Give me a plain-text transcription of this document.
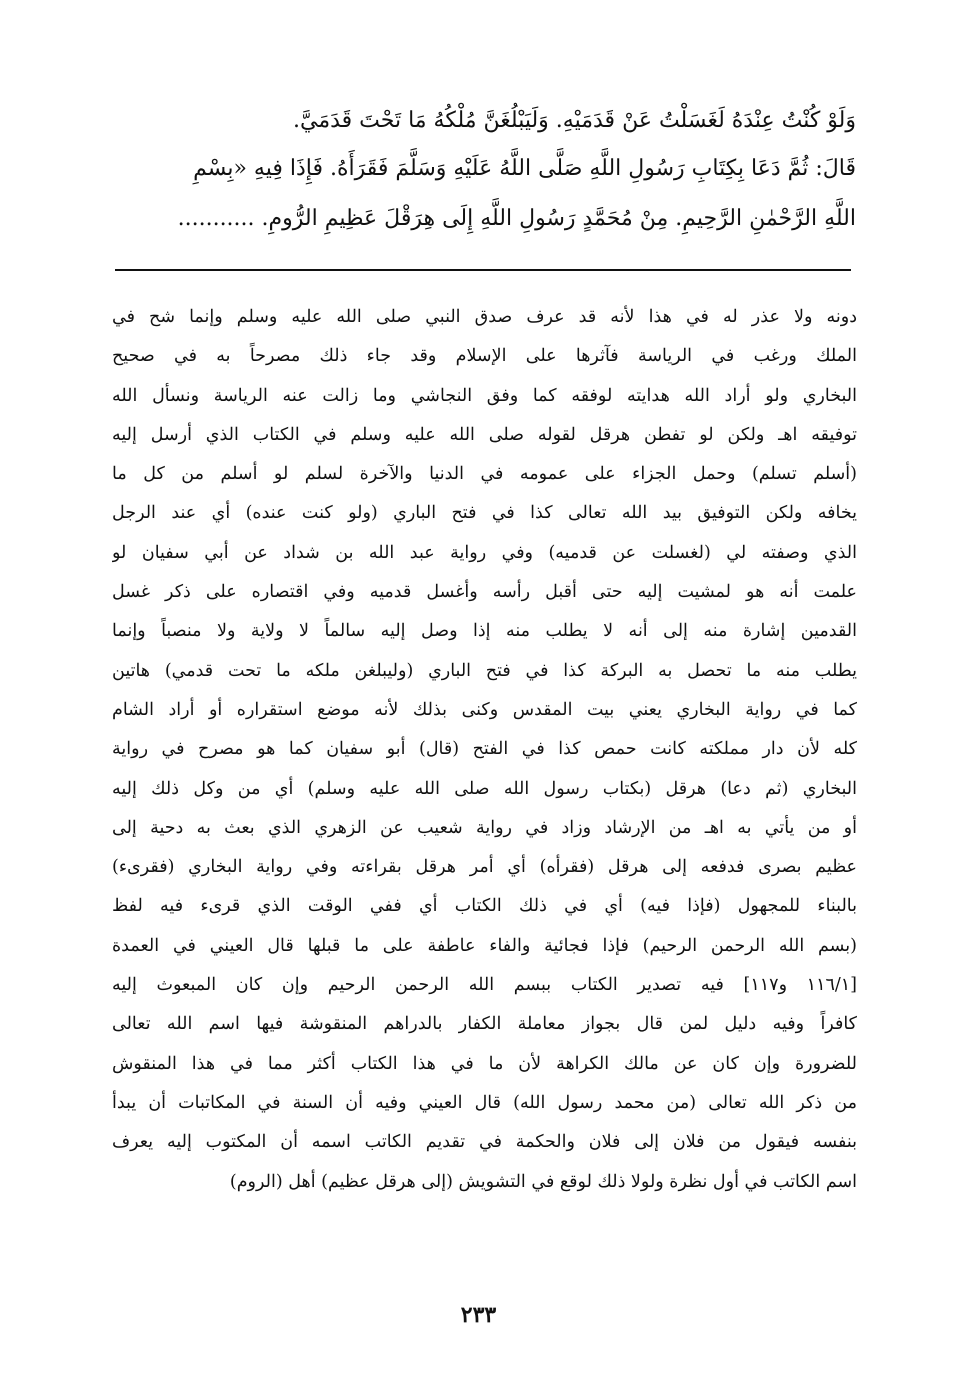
وَلَوْ كُنْتُ عِنْدَهُ لَغَسَلْتُ عَنْ قَدَمَيْهِ. وَلَيَبْلُغَنَّ مُلْكُهُ مَا تَحْتَ قَدَمَيَّ.
قَالَ: ثُمَّ دَعَا بِكِتَابِ رَسُولِ اللَّهِ صَلَّى اللَّهُ عَلَيْهِ وَسَلَّمَ فَقَرَأَهُ. فَإِذَا فِيهِ «بِسْمِ
اللَّهِ الرَّحْمٰنِ الرَّحِيمِ. مِنْ مُحَمَّدٍ رَسُولِ اللَّهِ إِلَى هِرَقْلَ عَظِيمِ الرُّومِ. ...........
دونه ولا عذر له في هذا لأنه قد عرف صدق النبي صلى الله عليه وسلم وإنما شح في
الملك ورغب في الرياسة فآثرها على الإسلام وقد جاء ذلك مصرحاً به في صحيح
البخاري ولو أراد الله هدايته لوفقه كما وفق النجاشي وما زالت عنه الرياسة ونسأل الله
توفيقه اهـ ولكن لو تفطن هرقل لقوله صلى الله عليه وسلم في الكتاب الذي أرسل إليه
(أسلم تسلم) وحمل الجزاء على عمومه في الدنيا والآخرة لسلم لو أسلم من كل ما
يخافه ولكن التوفيق بيد الله تعالى كذا في فتح الباري (ولو كنت عنده) أي عند الرجل
الذي وصفته لي (لغسلت عن قدميه) وفي رواية عبد الله بن شداد عن أبي سفيان لو
علمت أنه هو لمشيت إليه حتى أقبل رأسه وأغسل قدميه وفي اقتصاره على ذكر غسل
القدمين إشارة منه إلى أنه لا يطلب منه إذا وصل إليه سالماً لا ولاية ولا منصباً وإنما
يطلب منه ما تحصل به البركة كذا في فتح الباري (وليبلغن ملكه ما تحت قدمي) هاتين
كما في رواية البخاري يعني بيت المقدس وكنى بذلك لأنه موضع استقراره أو أراد الشام
كله لأن دار مملكته كانت حمص كذا في الفتح (قال) أبو سفيان كما هو مصرح في رواية
البخاري (ثم دعا) هرقل (بكتاب رسول الله صلى الله عليه وسلم) أي من وكل ذلك إليه
أو من يأتي به اهـ من الإرشاد وزاد في رواية شعيب عن الزهري الذي بعث به دحية إلى
عظيم بصرى فدفعه إلى هرقل (فقرأه) أي أمر هرقل بقراءته وفي رواية البخاري (فقرىء)
بالبناء للمجهول (فإذا فيه) أي في ذلك الكتاب أي ففي الوقت الذي قرىء فيه لفظ
(بسم الله الرحمن الرحيم) فإذا فجائية والفاء عاطفة على ما قبلها قال العيني في العمدة
[١١٦/١ و١١٧] فيه تصدير الكتاب ببسم الله الرحمن الرحيم وإن كان المبعوث إليه
كافراً وفيه دليل لمن قال بجواز معاملة الكفار بالدراهم المنقوشة فيها اسم الله تعالى
للضرورة وإن كان عن مالك الكراهة لأن ما في هذا الكتاب أكثر مما في هذا المنقوش
من ذكر الله تعالى (من محمد رسول الله) قال العيني وفيه أن السنة في المكاتبات أن يبدأ
بنفسه فيقول من فلان إلى فلان والحكمة في تقديم الكاتب اسمه أن المكتوب إليه يعرف
اسم الكاتب في أول نظرة ولولا ذلك لوقع في التشويش (إلى هرقل عظيم) أهل (الروم)
٢٣٣
